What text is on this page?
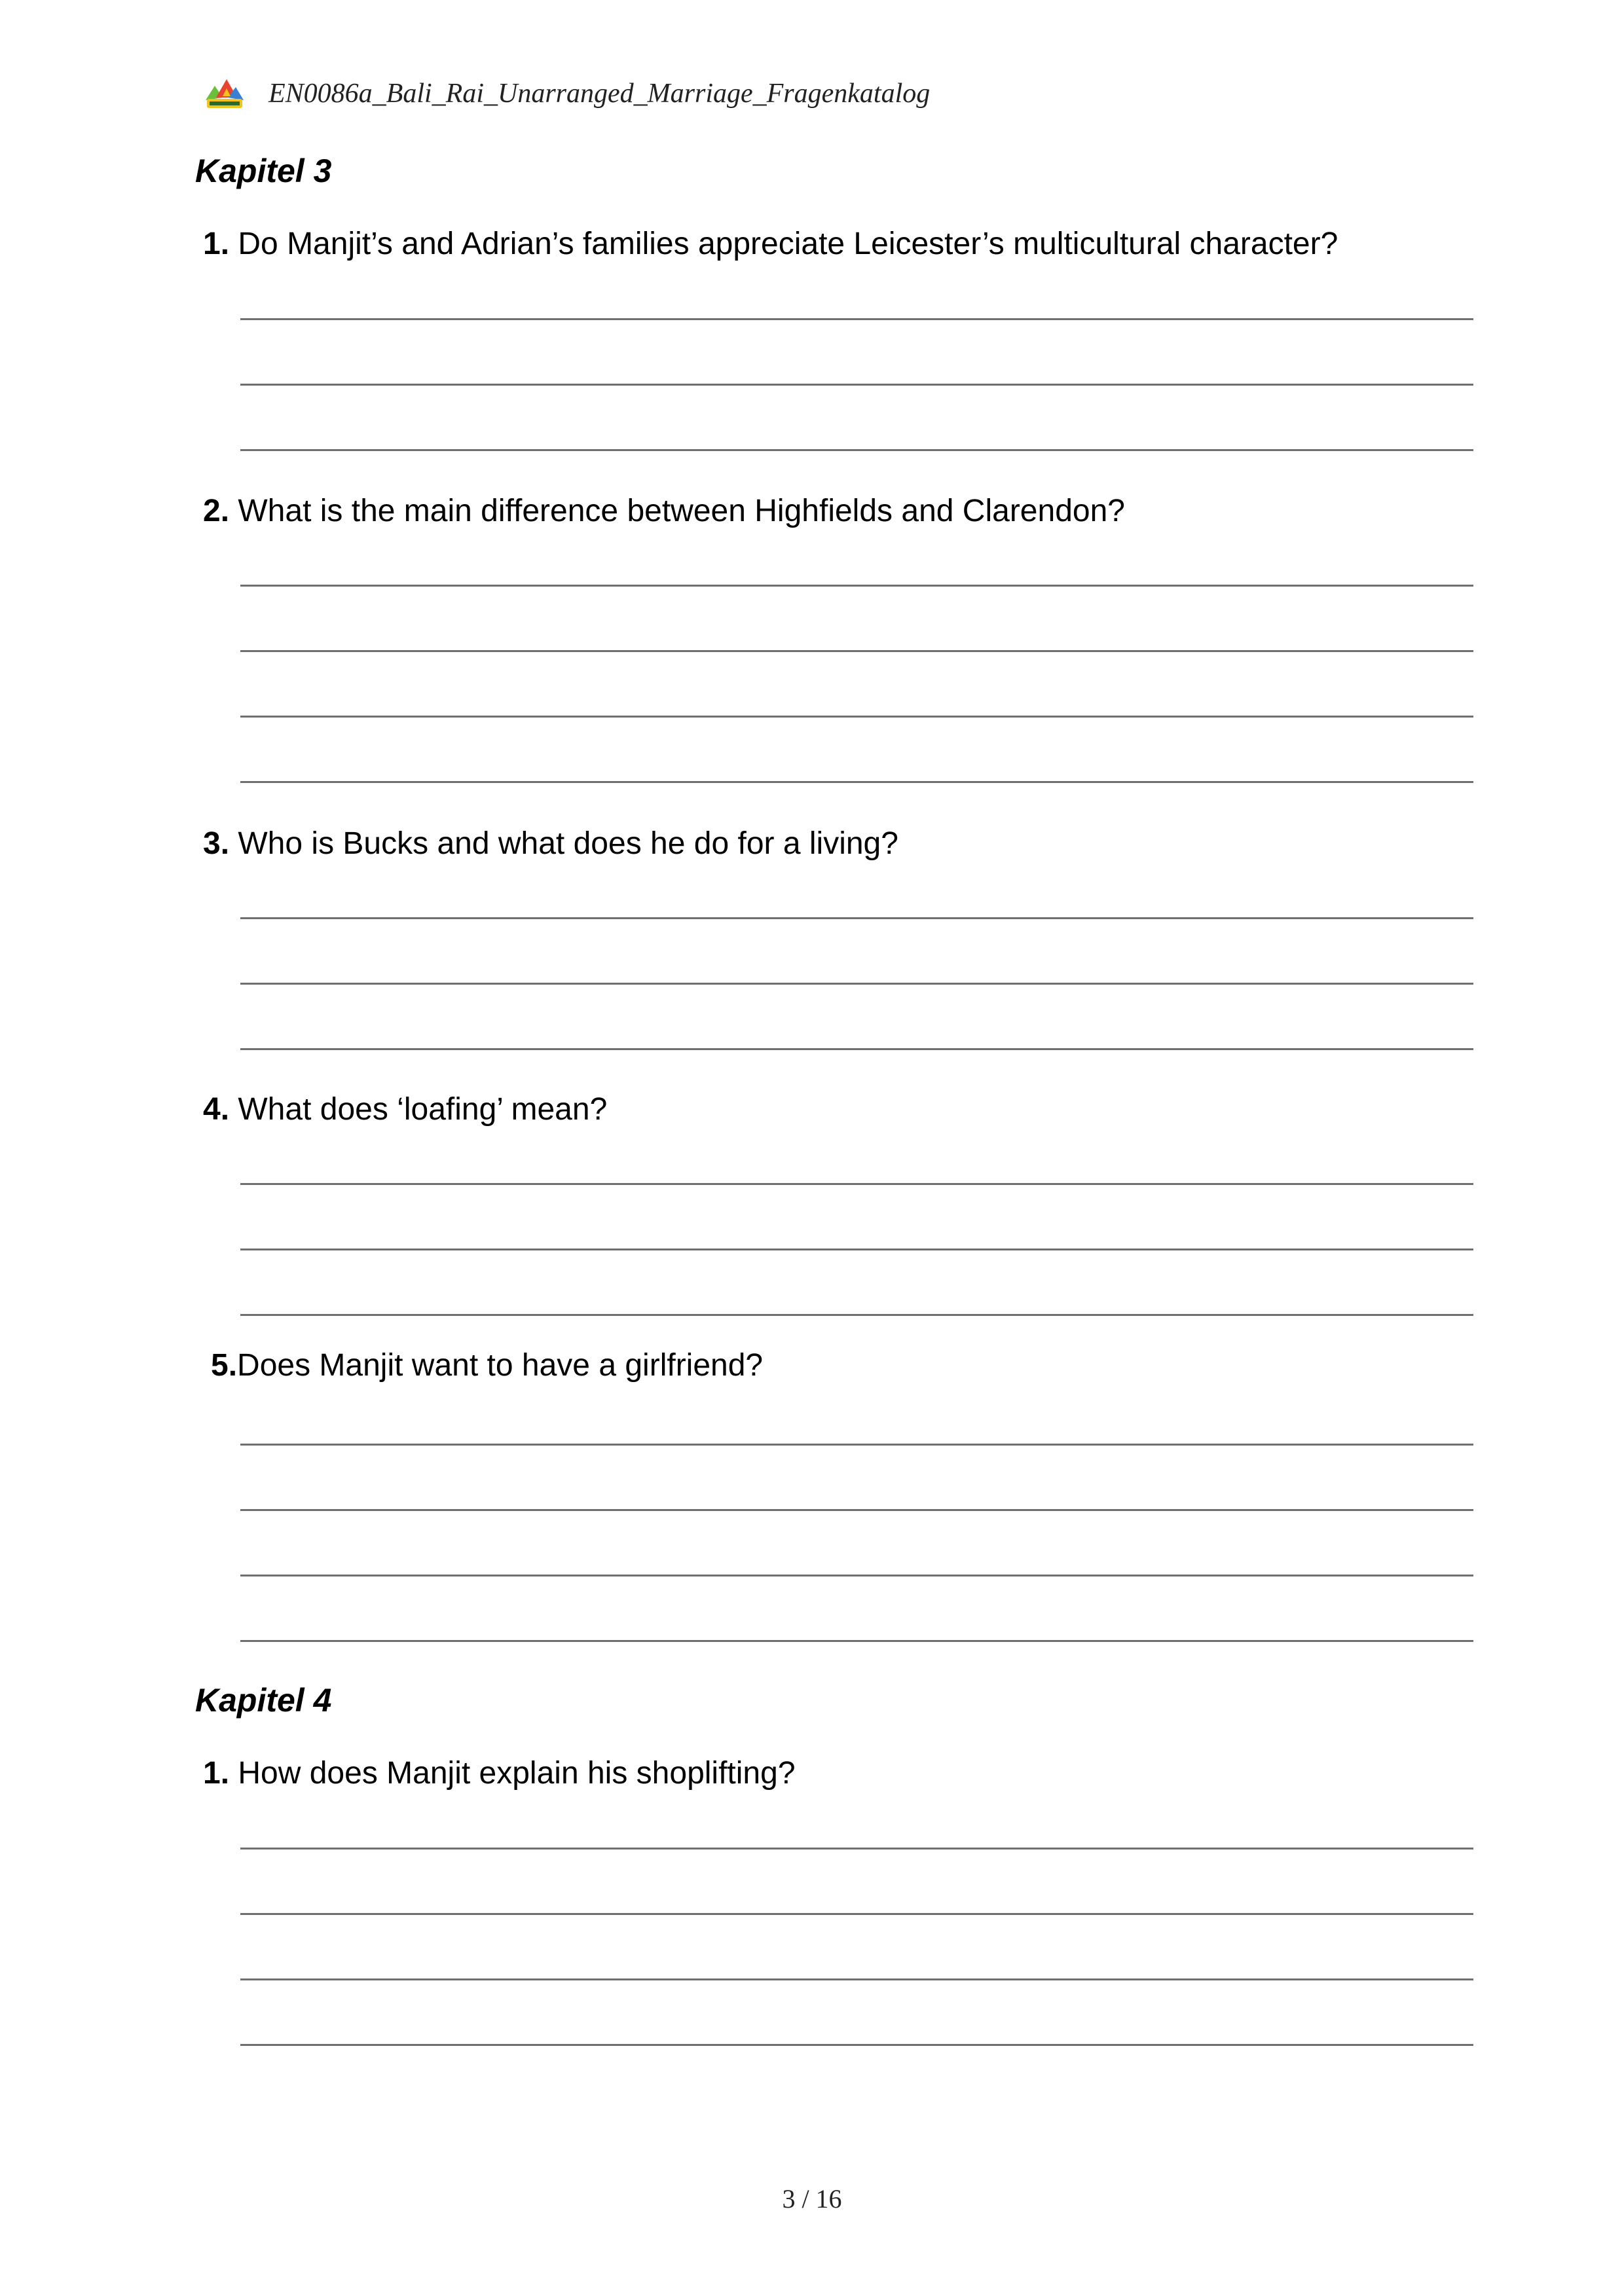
EN0086a_Bali_Rai_Unarranged_Marriage_Fragenkatalog
Kapitel 3
1. Do Manjit’s and Adrian’s families appreciate Leicester’s multicultural character?
2. What is the main difference between Highfields and Clarendon?
3. Who is Bucks and what does he do for a living?
4. What does ‘loafing’ mean?
5.Does Manjit want to have a girlfriend?
Kapitel 4
1. How does Manjit explain his shoplifting?
3 / 16
